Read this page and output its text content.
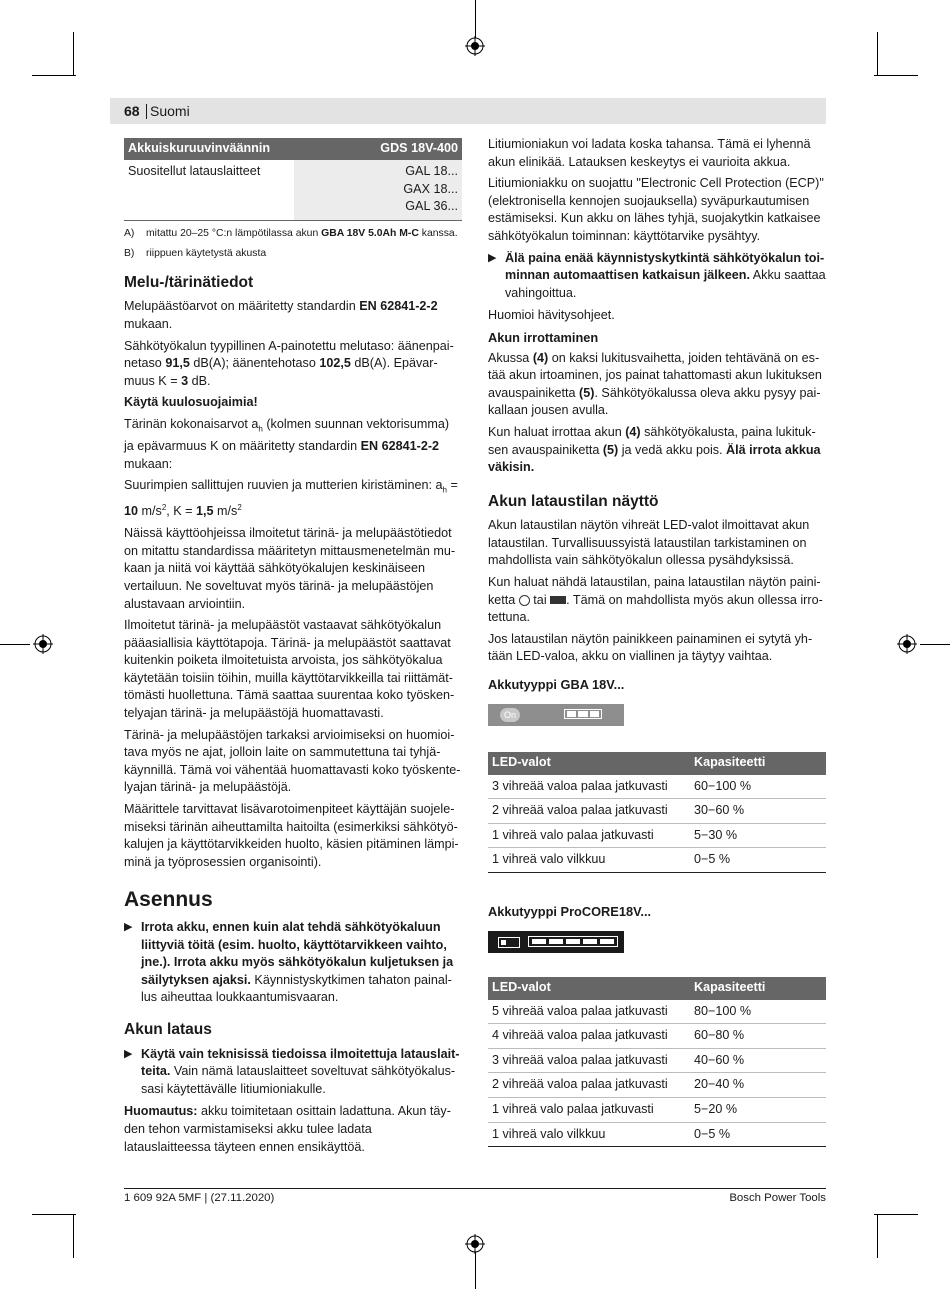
68 Suomi
Akkuiskuruuvinväännin	GDS 18V-400
Suositellut latauslaitteet	GAL 18...
GAX 18...
GAL 36...
A)	mitattu 20–25 °C:n lämpötilassa akun GBA 18V 5.0Ah M-C kanssa.
B)	riippuen käytetystä akusta
Melu-/tärinätiedot

Melupäästöarvot on määritetty standardin EN 62841-2-2 mukaan.

Sähkötyökalun tyypillinen A-painotettu melutaso: äänenpainetaso 91,5 dB(A); äänentehotaso 102,5 dB(A). Epävarmuus K = 3 dB.

Käytä kuulosuojaimia!

Tärinän kokonaisarvot $a_h$ (kolmen suunnan vektorisumma) ja epävarmuus K on määritetty standardin EN 62841-2-2 mukaan:

Suurimpien sallittujen ruuvien ja mutterien kiristäminen: $a_h$ =
10 $m/s^2$, K = 1,5 $m/s^2$

Näissä käyttöohjeissa ilmoitetut tärinä- ja melupäästötiedot on mitattu standardissa määritetyn mittausmenetelmän mukaan ja niitä voi käyttää sähkötyökalujen keskinäiseen vertailuun. Ne soveltuvat myös tärinä- ja melupäästöjen alustavaan arviointiin.

Ilmoitetut tärinä- ja melupäästöt vastaavat sähkötyökalun pääasiallisia käyttötapoja. Tärinä- ja melupäästöt saattavat kuitenkin poiketa ilmoitetuista arvoista, jos sähkötyökalua käytetään toisiin töihin, muilla käyttötarvikkeilla tai riittämättömästi huollettuna. Tämä saattaa suurentaa koko työskentelyajan tärinä- ja melupäästöjä huomattavasti.

Tärinä- ja melupäästöjen tarkaksi arvioimiseksi on huomioitava myös ne ajat, jolloin laite on sammutettuna tai tyhjäkäynnillä. Tämä voi vähentää huomattavasti koko työskentelyajan tärinä- ja melupäästöjä.

Määrittele tarvittavat lisävarotoimenpiteet käyttäjän suojelemiseksi tärinän aiheuttamilta haitoilta (esimerkiksi sähkötyökalujen ja käyttötarvikkeiden huolto, käsien pitäminen lämpiminä ja työprosessien organisointi).

Asennus
▶ Irrota akku, ennen kuin alat tehdä sähkötyökaluun liittyviä töitä (esim. huolto, käyttötarvikkeen vaihto, jne.). Irrota akku myös sähkötyökalun kuljetuksen ja säilytyksen ajaksi. Käynnistyskytkimen tahaton painallus aiheuttaa loukkaantumisvaaran.
Akun lataus
▶ Käytä vain teknisissä tiedoissa ilmoitettuja latauslaitteita. Vain nämä latauslaitteet soveltuvat sähkötyökalussasi käytettävälle litiumioniakulle.

Huomautus: akku toimitetaan osittain ladattuna. Akun täyden tehon varmistamiseksi akku tulee ladata latauslaitteessa täyteen ennen ensikäyttöä.

Litiumioniakun voi ladata koska tahansa. Tämä ei lyhennä akun elinikää. Latauksen keskeytys ei vaurioita akkua.

Litiumioniakku on suojattu "Electronic Cell Protection (ECP)" (elektronisella kennojen suojauksella) syväpurkautumisen estämiseksi. Kun akku on lähes tyhjä, suojakytkin katkaisee sähkötyökalun toiminnan: käyttötarvike pysähtyy.

▶ Älä paina enää käynnistyskytkintä sähkötyökalun toiminnan automaattisen katkaisun jälkeen. Akku saattaa vahingoittua.

Huomioi hävitysohjeet.

Akun irrottaminen

Akussa (4) on kaksi lukitusvaihetta, joiden tehtävänä on estää akun irtoaminen, jos painat tahattomasti akun lukituksen avauspainiketta (5). Sähkötyökalussa oleva akku pysyy paikallaan jousen avulla.

Kun haluat irrottaa akun (4) sähkötyökalusta, paina lukituksen avauspainiketta (5) ja vedä akku pois. Älä irrota akkua väkisin.

Akun lataustilan näyttö

Akun lataustilan näytön vihreät LED-valot ilmoittavat akun lataustilan. Turvallisuussyistä lataustilan tarkistaminen on mahdollista vain sähkötyökalun ollessa pysähdyksissä.

Kun haluat nähdä lataustilan, paina lataustilan näytön painiketta  tai . Tämä on mahdollista myös akun ollessa irrotettuna.

Jos lataustilan näytön painikkeen painaminen ei sytytä yhtään LED-valoa, akku on viallinen ja täytyy vaihtaa.

Akkutyyppi GBA 18V...
On
LED-valot	Kapasiteetti
3 vihreää valoa palaa jatkuvasti	60−100 %
2 vihreää valoa palaa jatkuvasti	30−60 %
1 vihreä valo palaa jatkuvasti	5−30 %
1 vihreä valo vilkkuu	0−5 %
Akkutyyppi ProCORE18V...
LED-valot	Kapasiteetti
5 vihreää valoa palaa jatkuvasti	80−100 %
4 vihreää valoa palaa jatkuvasti	60−80 %
3 vihreää valoa palaa jatkuvasti	40−60 %
2 vihreää valoa palaa jatkuvasti	20−40 %
1 vihreä valo palaa jatkuvasti	5−20 %
1 vihreä valo vilkkuu	0−5 %
1 609 92A 5MF | (27.11.2020)	Bosch Power Tools
